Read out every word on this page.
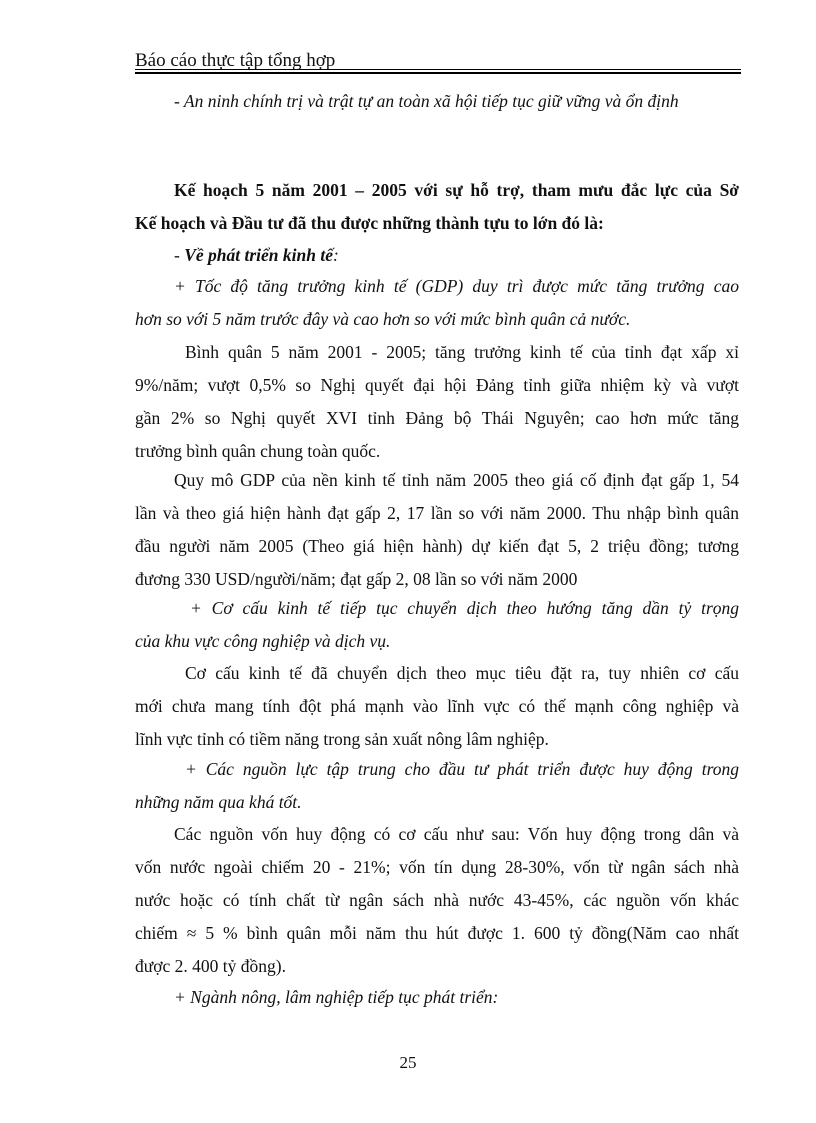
Báo cáo thực tập tổng hợp
- An ninh chính trị và trật tự an toàn xã hội tiếp tục giữ vững và ổn định
Kế hoạch 5 năm 2001 – 2005 với sự hỗ trợ, tham mưu đắc lực của Sở
Kế hoạch và Đầu tư đã thu được những thành tựu to lớn đó là:
- Về phát triển kinh tế:
+ Tốc độ tăng trưởng kinh tế (GDP) duy trì được mức tăng trưởng cao
hơn so với 5 năm trước đây và cao hơn so với mức bình quân cả nước.
Bình quân 5 năm 2001 - 2005; tăng trưởng kinh tế của tỉnh đạt xấp xỉ
9%/năm; vượt 0,5% so Nghị quyết đại hội Đảng tỉnh giữa nhiệm kỳ và vượt
gần 2% so Nghị quyết XVI tỉnh Đảng bộ Thái Nguyên; cao hơn mức tăng
trưởng bình quân chung toàn quốc.
Quy mô GDP của nền kinh tế tỉnh năm 2005 theo giá cố định đạt gấp 1, 54
lần và theo giá hiện hành đạt gấp 2, 17 lần so với năm 2000. Thu nhập bình quân
đầu người năm 2005 (Theo giá hiện hành) dự kiến đạt 5, 2 triệu đồng; tương
đương 330 USD/người/năm; đạt gấp 2, 08 lần so với năm 2000
+ Cơ cấu kinh tế tiếp tục chuyển dịch theo hướng tăng dần tỷ trọng
của khu vực công nghiệp và dịch vụ.
Cơ cấu kinh tế đã chuyển dịch theo mục tiêu đặt ra, tuy nhiên cơ cấu
mới chưa mang tính đột phá mạnh vào lĩnh vực có thế mạnh công nghiệp và
lĩnh vực tỉnh có tiềm năng trong sản xuất nông lâm nghiệp.
+ Các nguồn lực tập trung cho đầu tư phát triển được huy động trong
những năm qua khá tốt.
Các nguồn vốn huy động có cơ cấu như sau: Vốn huy động trong dân và
vốn nước ngoài chiếm 20 - 21%; vốn tín dụng 28-30%, vốn từ ngân sách nhà
nước hoặc có tính chất từ ngân sách nhà nước 43-45%, các nguồn vốn khác
chiếm ≈ 5 % bình quân mỗi năm thu hút được 1. 600 tỷ đồng(Năm cao nhất
được 2. 400 tỷ đồng).
+ Ngành nông, lâm nghiệp tiếp tục phát triển:
25
